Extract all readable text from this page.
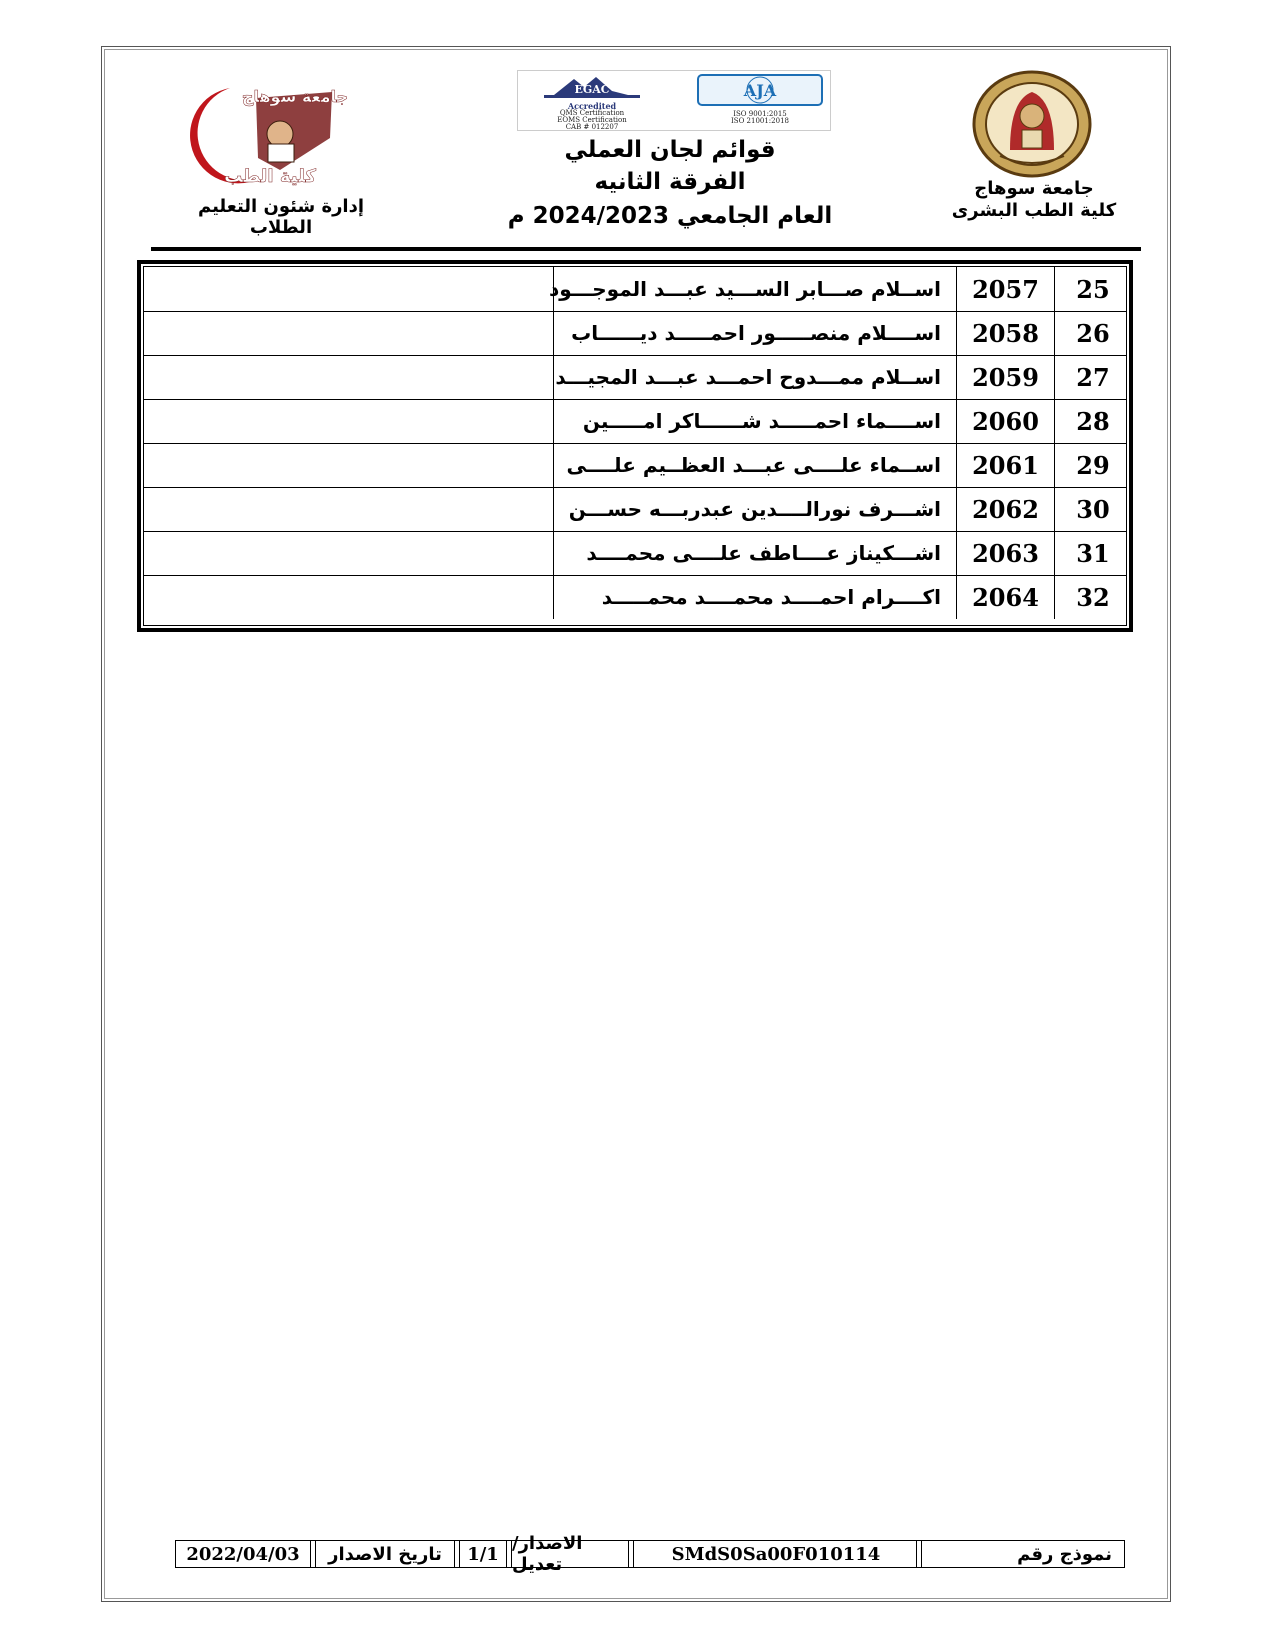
جامعة سوهاج
كلية الطب البشرى
جامعة سوهاج
كلية الطب
إدارة شئون التعليم الطلاب
EGAC
Accredited
QMS Certification
EOMS Certification
CAB # 012207
AJA
ISO 9001:2015
ISO 21001:2018
قوائم لجان العملي
الفرقة الثانيه
العام الجامعي 2024/2023 م
اســلام صـــابر الســـيد عبـــد الموجـــود	2057	25
اســــلام منصـــــور احمـــــد ديــــــاب	2058	26
اســلام ممـــدوح احمـــد عبـــد المجيـــد	2059	27
اســــماء احمـــــد شــــــاكر امـــــين	2060	28
اســماء علــــى عبـــد العظــيم علــــى	2061	29
اشـــرف نورالــــدين عبدربـــه حســـن	2062	30
اشـــكيناز عــــاطف علــــى محمــــد	2063	31
اكــــرام احمــــد محمــــد محمـــــد	2064	32
نموذج رقم
SMdS0Sa00F010114
الاصدار/تعديل
1/1
تاريخ الاصدار
2022/04/03
